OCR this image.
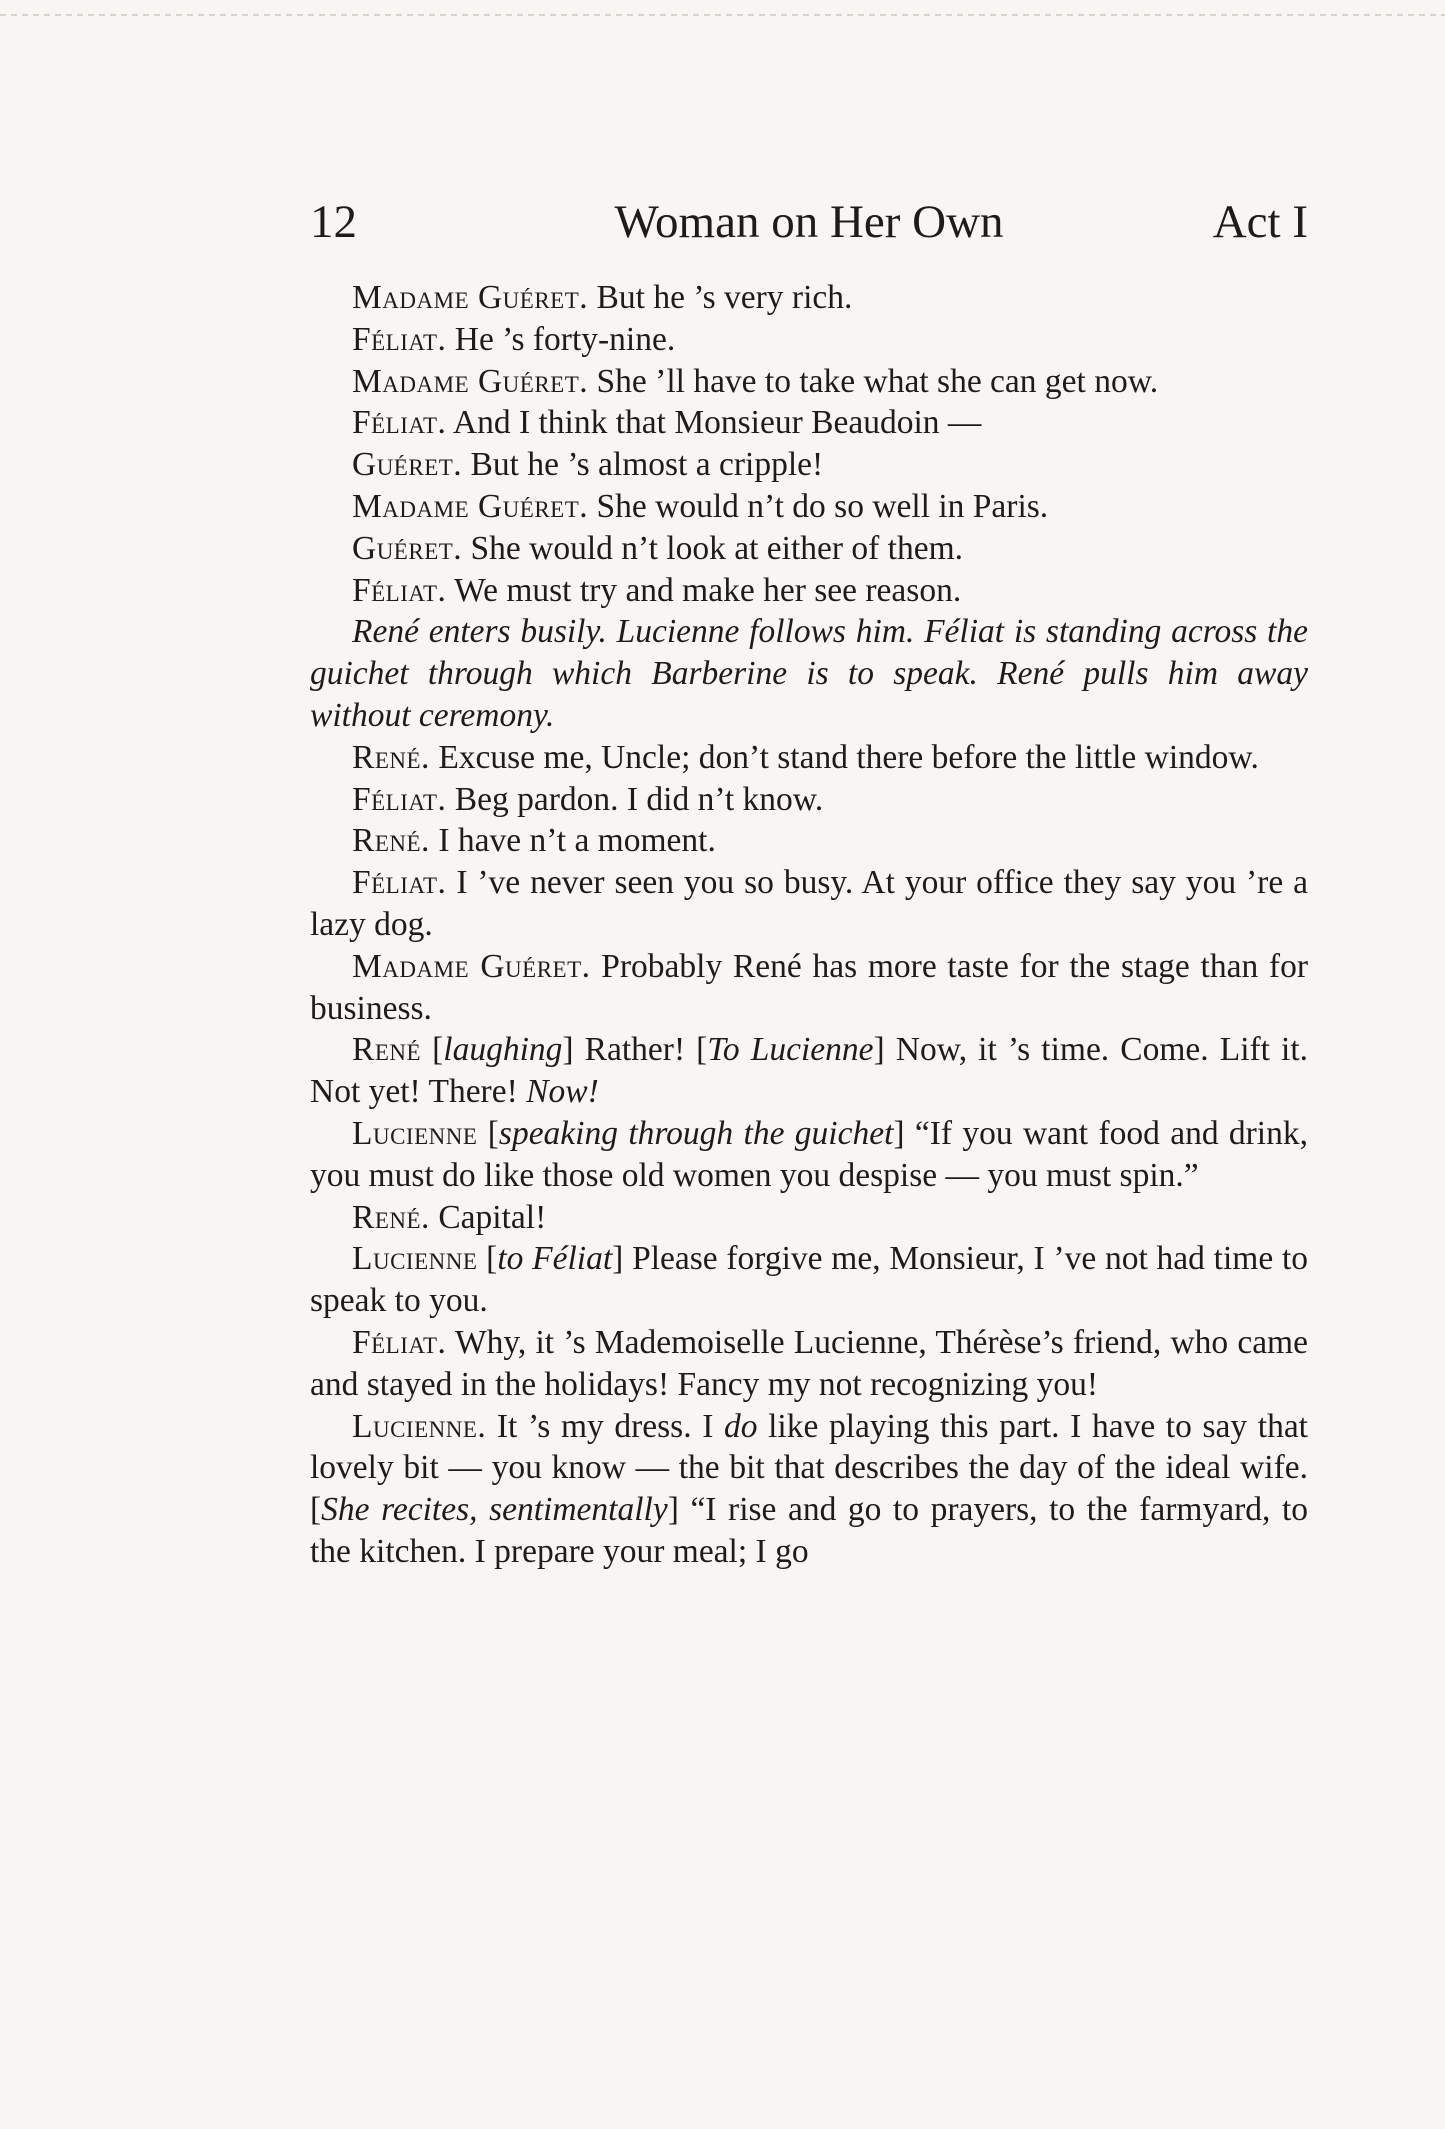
12	Woman on Her Own	Act I

Madame Guéret. But he ’s very rich.

Féliat. He ’s forty-nine.

Madame Guéret. She ’ll have to take what she can get now.

Féliat. And I think that Monsieur Beaudoin —

Guéret. But he ’s almost a cripple!

Madame Guéret. She would n’t do so well in Paris.

Guéret. She would n’t look at either of them.

Féliat. We must try and make her see reason.

René enters busily. Lucienne follows him. Féliat is standing across the guichet through which Barberine is to speak. René pulls him away without ceremony.

René. Excuse me, Uncle; don’t stand there before the little window.

Féliat. Beg pardon. I did n’t know.

René. I have n’t a moment.

Féliat. I ’ve never seen you so busy. At your office they say you ’re a lazy dog.

Madame Guéret. Probably René has more taste for the stage than for business.

René [laughing] Rather! [To Lucienne] Now, it ’s time. Come. Lift it. Not yet! There! Now!

Lucienne [speaking through the guichet] “If you want food and drink, you must do like those old women you despise — you must spin.”

René. Capital!

Lucienne [to Féliat] Please forgive me, Monsieur, I ’ve not had time to speak to you.

Féliat. Why, it ’s Mademoiselle Lucienne, Thérèse’s friend, who came and stayed in the holidays! Fancy my not recognizing you!

Lucienne. It ’s my dress. I do like playing this part. I have to say that lovely bit — you know — the bit that describes the day of the ideal wife. [She recites, sentimentally] “I rise and go to prayers, to the farmyard, to the kitchen. I prepare your meal; I go
